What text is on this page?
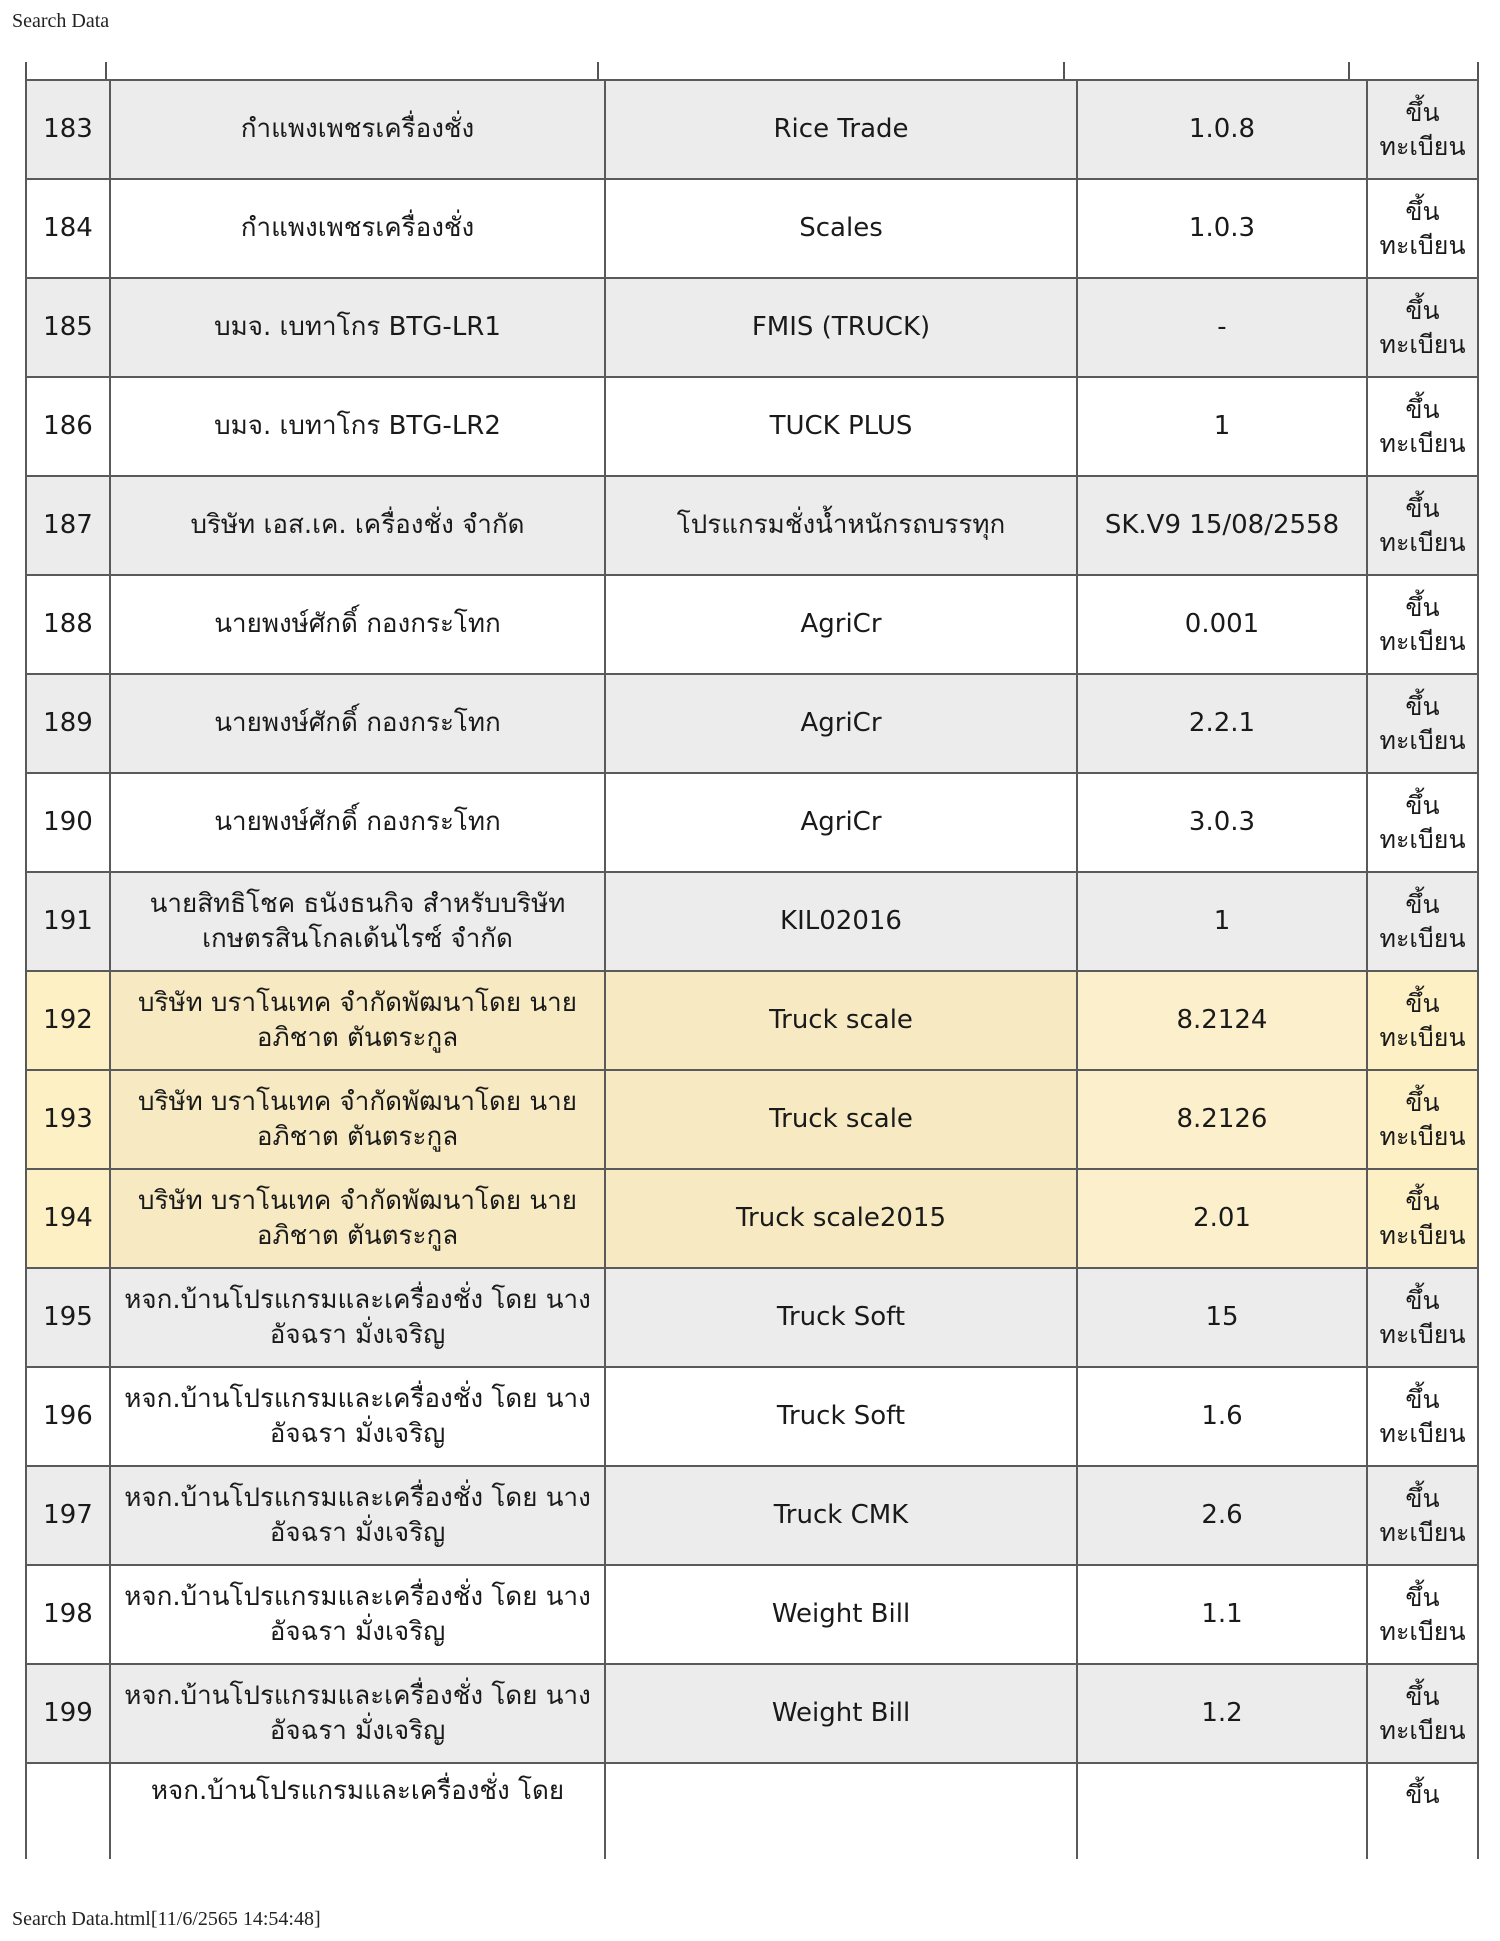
Search Data
183	กำแพงเพชรเครื่องชั่ง	Rice Trade	1.0.8	ขึ้น ทะเบียน
184	กำแพงเพชรเครื่องชั่ง	Scales	1.0.3	ขึ้น ทะเบียน
185	บมจ. เบทาโกร BTG-LR1	FMIS (TRUCK)	-	ขึ้น ทะเบียน
186	บมจ. เบทาโกร BTG-LR2	TUCK PLUS	1	ขึ้น ทะเบียน
187	บริษัท เอส.เค. เครื่องชั่ง จำกัด	โปรแกรมชั่งน้ำหนักรถบรรทุก	SK.V9 15/08/2558	ขึ้น ทะเบียน
188	นายพงษ์ศักดิ์ กองกระโทก	AgriCr	0.001	ขึ้น ทะเบียน
189	นายพงษ์ศักดิ์ กองกระโทก	AgriCr	2.2.1	ขึ้น ทะเบียน
190	นายพงษ์ศักดิ์ กองกระโทก	AgriCr	3.0.3	ขึ้น ทะเบียน
191	นายสิทธิโชค ธนังธนกิจ สำหรับบริษัท เกษตรสินโกลเด้นไรซ์ จำกัด	KIL02016	1	ขึ้น ทะเบียน
192	บริษัท บราโนเทค จำกัดพัฒนาโดย นายอภิชาต ตันตระกูล	Truck scale	8.2124	ขึ้น ทะเบียน
193	บริษัท บราโนเทค จำกัดพัฒนาโดย นายอภิชาต ตันตระกูล	Truck scale	8.2126	ขึ้น ทะเบียน
194	บริษัท บราโนเทค จำกัดพัฒนาโดย นายอภิชาต ตันตระกูล	Truck scale2015	2.01	ขึ้น ทะเบียน
195	หจก.บ้านโปรแกรมและเครื่องชั่ง โดย นางอัจฉรา มั่งเจริญ	Truck Soft	15	ขึ้น ทะเบียน
196	หจก.บ้านโปรแกรมและเครื่องชั่ง โดย นางอัจฉรา มั่งเจริญ	Truck Soft	1.6	ขึ้น ทะเบียน
197	หจก.บ้านโปรแกรมและเครื่องชั่ง โดย นางอัจฉรา มั่งเจริญ	Truck CMK	2.6	ขึ้น ทะเบียน
198	หจก.บ้านโปรแกรมและเครื่องชั่ง โดย นางอัจฉรา มั่งเจริญ	Weight Bill	1.1	ขึ้น ทะเบียน
199	หจก.บ้านโปรแกรมและเครื่องชั่ง โดย นางอัจฉรา มั่งเจริญ	Weight Bill	1.2	ขึ้น ทะเบียน
	หจก.บ้านโปรแกรมและเครื่องชั่ง โดย			ขึ้น
Search Data.html[11/6/2565 14:54:48]
